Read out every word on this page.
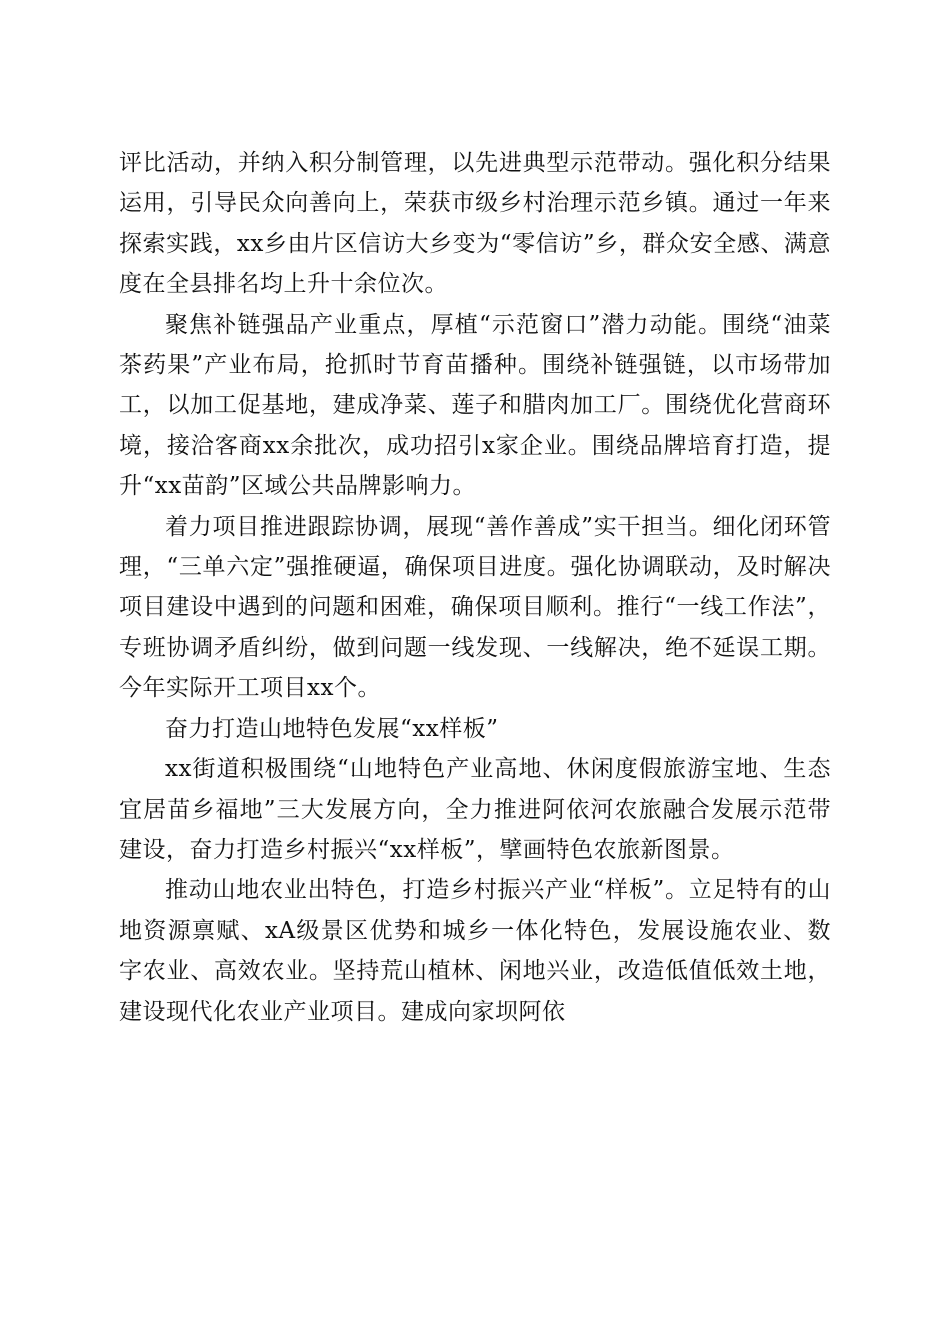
评比活动，并纳入积分制管理，以先进典型示范带动。强化积分结果运用，引导民众向善向上，荣获市级乡村治理示范乡镇。通过一年来探索实践，xx乡由片区信访大乡变为“零信访”乡，群众安全感、满意度在全县排名均上升十余位次。

聚焦补链强品产业重点，厚植“示范窗口”潜力动能。围绕“油菜茶药果”产业布局，抢抓时节育苗播种。围绕补链强链，以市场带加工，以加工促基地，建成净菜、莲子和腊肉加工厂。围绕优化营商环境，接洽客商xx余批次，成功招引x家企业。围绕品牌培育打造，提升“xx苗韵”区域公共品牌影响力。

着力项目推进跟踪协调，展现“善作善成”实干担当。细化闭环管理，“三单六定”强推硬逼，确保项目进度。强化协调联动，及时解决项目建设中遇到的问题和困难，确保项目顺利。推行“一线工作法”，专班协调矛盾纠纷，做到问题一线发现、一线解决，绝不延误工期。今年实际开工项目xx个。

奋力打造山地特色发展“xx样板”

xx街道积极围绕“山地特色产业高地、休闲度假旅游宝地、生态宜居苗乡福地”三大发展方向，全力推进阿依河农旅融合发展示范带建设，奋力打造乡村振兴“xx样板”，擘画特色农旅新图景。

推动山地农业出特色，打造乡村振兴产业“样板”。立足特有的山地资源禀赋、xA级景区优势和城乡一体化特色，发展设施农业、数字农业、高效农业。坚持荒山植林、闲地兴业，改造低值低效土地，建设现代化农业产业项目。建成向家坝阿依
